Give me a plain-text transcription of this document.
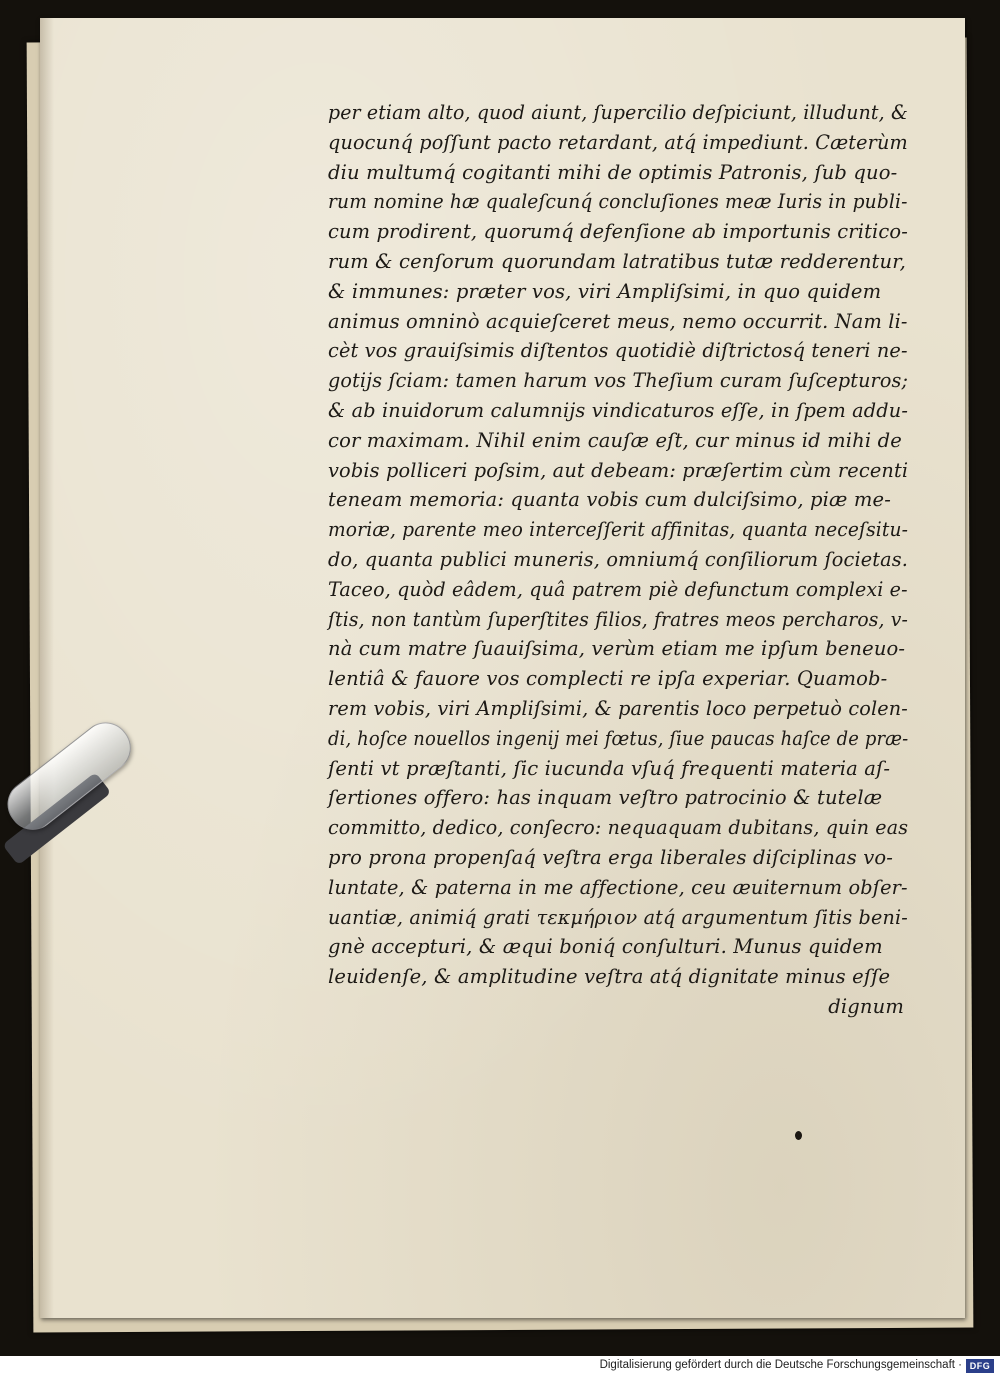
per etiam alto, quod aiunt, ſupercilio deſpiciunt, illudunt, &
quocunq́ poſſunt pacto retardant, atq́ impediunt. Cæterùm
diu multumq́ cogitanti mihi de optimis Patronis, ſub quo-
rum nomine hæ qualeſcunq́ concluſiones meæ Iuris in publi-
cum prodirent, quorumq́ defenſione ab importunis critico-
rum & cenſorum quorundam latratibus tutæ redderentur,
& immunes: præter vos, viri Ampliſsimi, in quo quidem
animus omninò acquieſceret meus, nemo occurrit. Nam li-
cèt vos grauiſsimis diſtentos quotidiè diſtrictosq́ teneri ne-
gotijs ſciam: tamen harum vos Theſium curam ſuſcepturos;
& ab inuidorum calumnijs vindicaturos eſſe, in ſpem addu-
cor maximam. Nihil enim cauſæ eſt, cur minus id mihi de
vobis polliceri poſsim, aut debeam: præſertim cùm recenti
teneam memoria: quanta vobis cum dulciſsimo, piæ me-
moriæ, parente meo interceſſerit affinitas, quanta neceſsitu-
do, quanta publici muneris, omniumq́ conſiliorum ſocietas.
Taceo, quòd eâdem, quâ patrem piè defunctum complexi e-
ſtis, non tantùm ſuperſtites filios, fratres meos percharos, v-
nà cum matre ſuauiſsima, verùm etiam me ipſum beneuo-
lentiâ & fauore vos complecti re ipſa experiar. Quamob-
rem vobis, viri Ampliſsimi, & parentis loco perpetuò colen-
di, hoſce nouellos ingenij mei fœtus, ſiue paucas haſce de præ-
ſenti vt præſtanti, ſic iucunda vſuq́ frequenti materia aſ-
ſertiones offero: has inquam veſtro patrocinio & tutelæ
committo, dedico, conſecro: nequaquam dubitans, quin eas
pro prona propenſaq́ veſtra erga liberales diſciplinas vo-
luntate, & paterna in me affectione, ceu æuiternum obſer-
uantiæ, animiq́ grati τεκμήριον atq́ argumentum ſitis beni-
gnè accepturi, & æqui boniq́ conſulturi. Munus quidem
leuidenſe, & amplitudine veſtra atq́ dignitate minus eſſe
dignum
Digitalisierung gefördert durch die Deutsche Forschungsgemeinschaft · DFG
